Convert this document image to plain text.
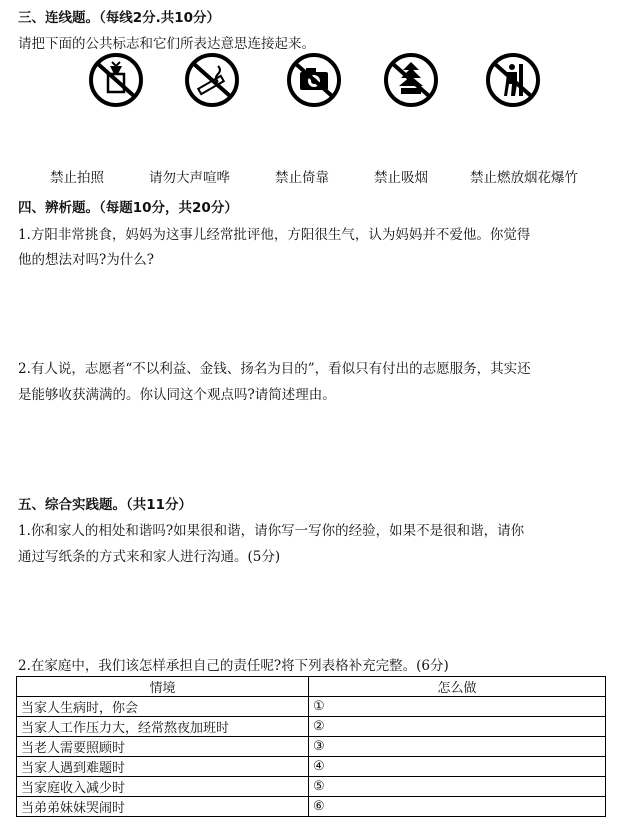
三、连线题。（每线2分.共10分）
请把下面的公共标志和它们所表达意思连接起来。
禁止拍照	请勿大声喧哗	禁止倚靠	禁止吸烟	禁止燃放烟花爆竹
四、辨析题。（每题10分，共20分）
1.方阳非常挑食，妈妈为这事儿经常批评他，方阳很生气，认为妈妈并不爱他。你觉得
他的想法对吗?为什么?
2.有人说，志愿者“不以利益、金钱、扬名为目的”，看似只有付出的志愿服务，其实还
是能够收获满满的。你认同这个观点吗?请简述理由。
五、综合实践题。（共11分）
1.你和家人的相处和谐吗?如果很和谐，请你写一写你的经验，如果不是很和谐，请你
通过写纸条的方式来和家人进行沟通。(5分)
2.在家庭中，我们该怎样承担自己的责任呢?将下列表格补充完整。(6分)
情境	怎么做
当家人生病时，你会	①
当家人工作压力大，经常熬夜加班时	②
当老人需要照顾时	③
当家人遇到难题时	④
当家庭收入减少时	⑤
当弟弟妹妹哭闹时	⑥
